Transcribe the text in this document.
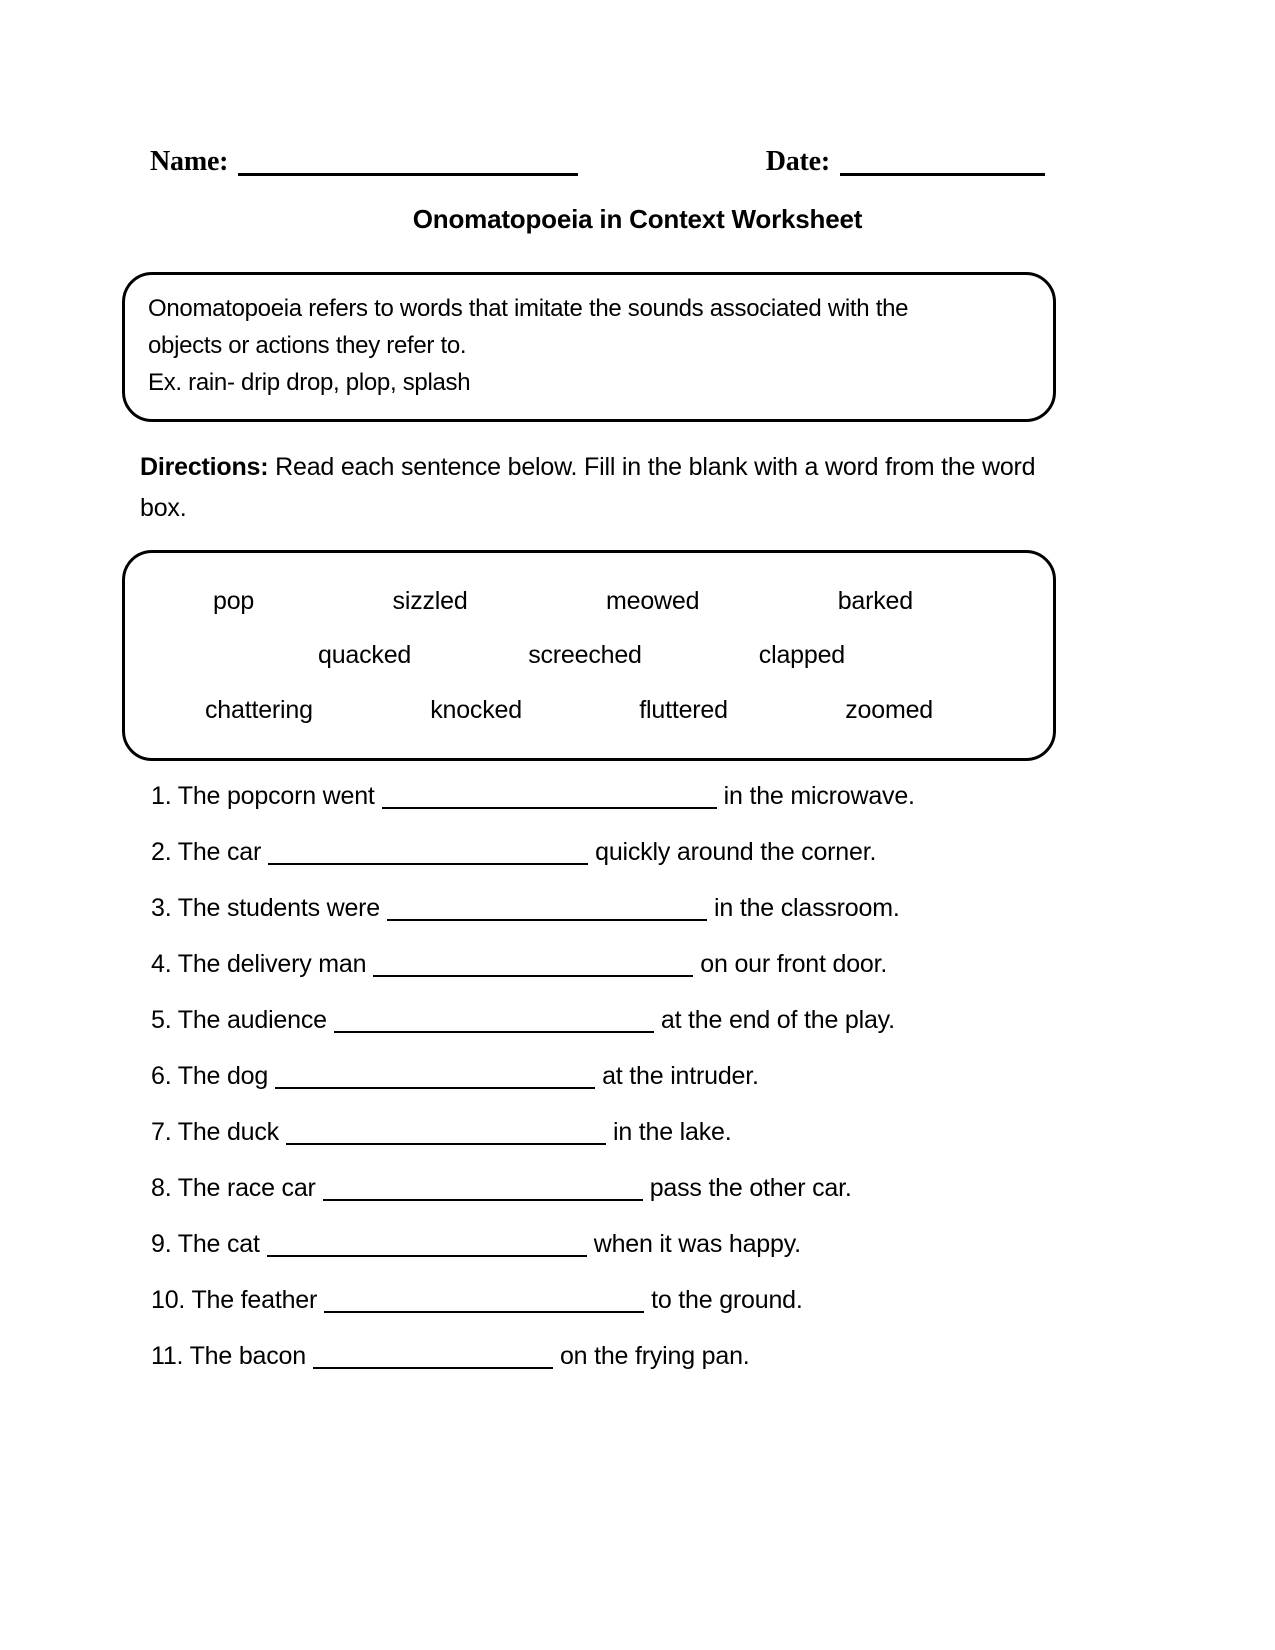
Name:	Date:
Onomatopoeia in Context Worksheet
Onomatopoeia refers to words that imitate the sounds associated with the
objects or actions they refer to.
Ex. rain- drip drop, plop, splash
Directions: Read each sentence below. Fill in the blank with a word from the word
box.
pop	sizzled	meowed	barked
quacked	screeched	clapped
chattering	knocked	fluttered	zoomed
1. The popcorn went	in the microwave.
2. The car	quickly around the corner.
3. The students were	in the classroom.
4. The delivery man	on our front door.
5. The audience	at the end of the play.
6. The dog	at the intruder.
7. The duck	in the lake.
8. The race car	pass the other car.
9. The cat	when it was happy.
10. The feather	to the ground.
11. The bacon	on the frying pan.
